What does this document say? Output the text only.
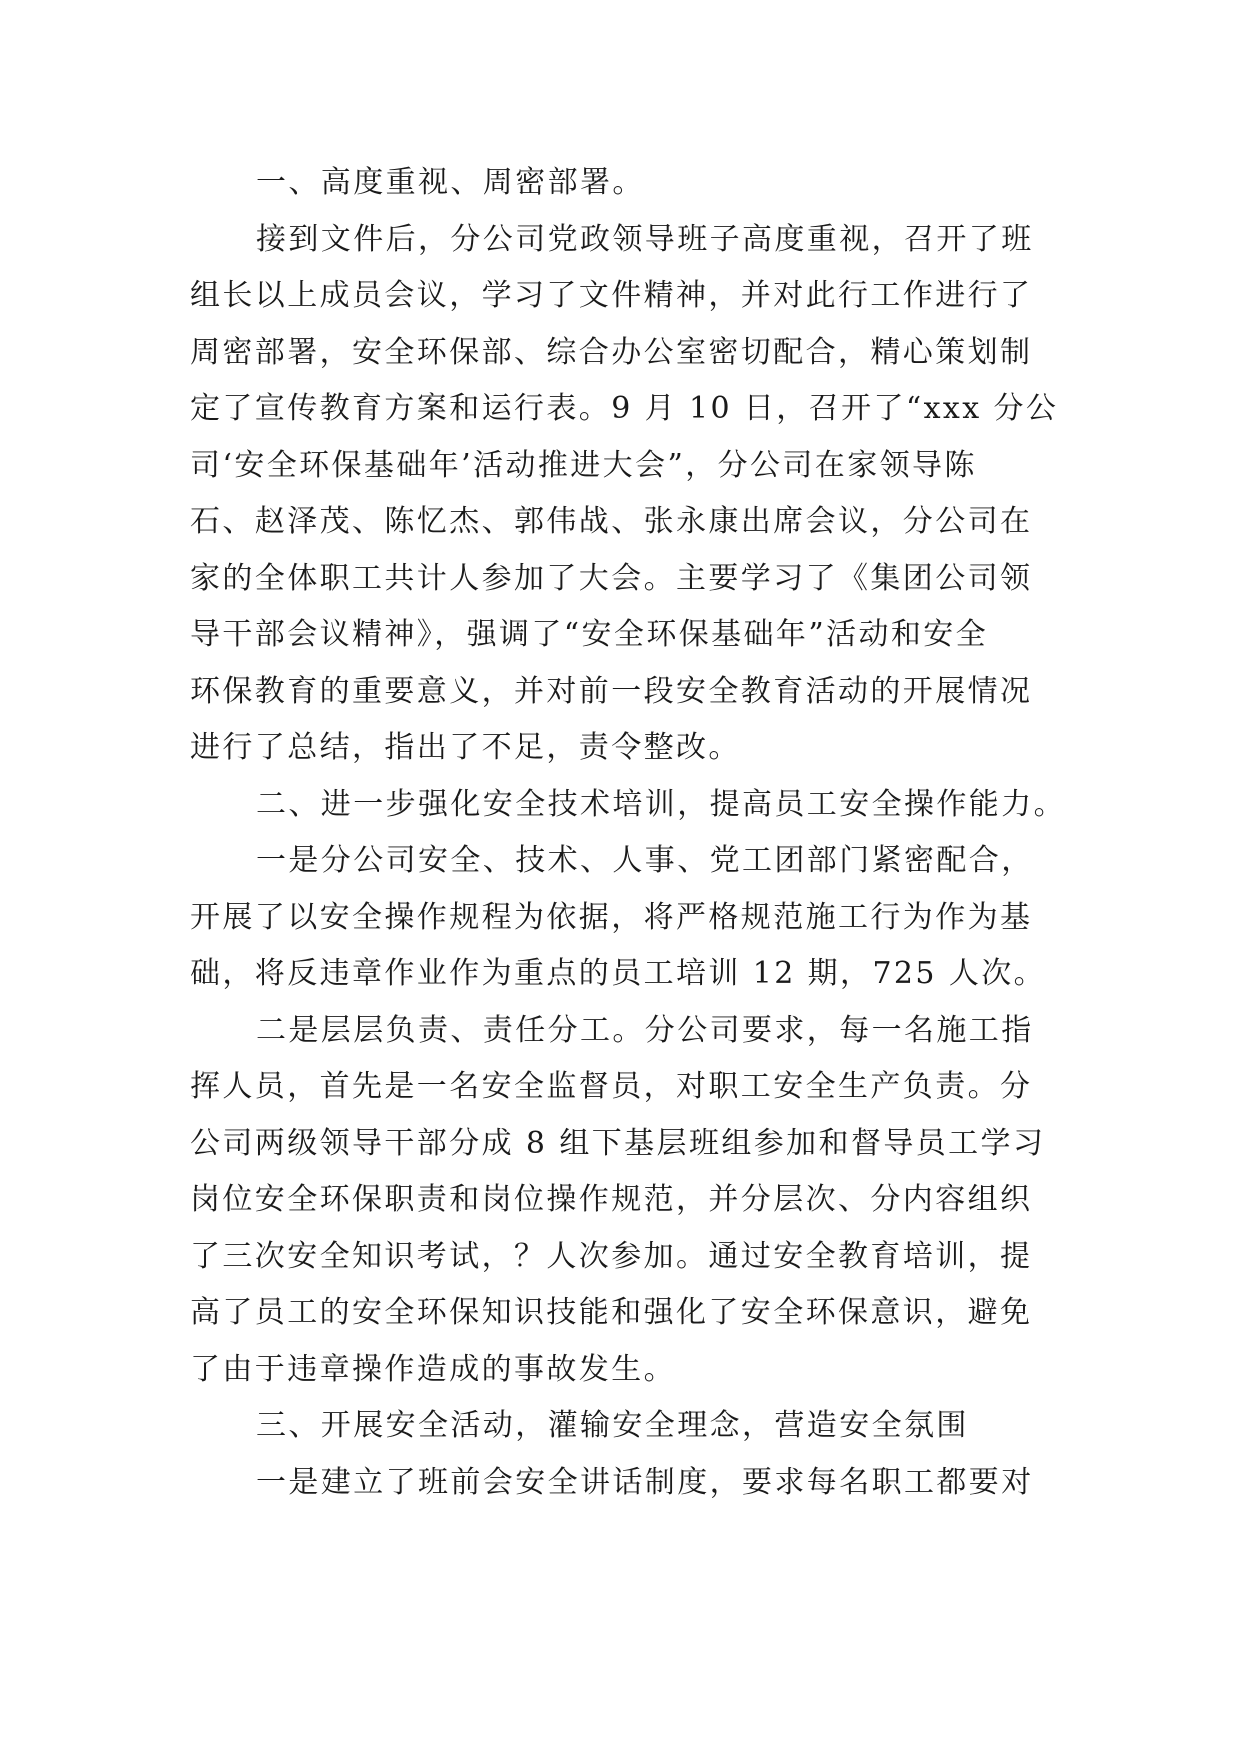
一、高度重视、周密部署。
接到文件后，分公司党政领导班子高度重视，召开了班
组长以上成员会议，学习了文件精神，并对此行工作进行了
周密部署，安全环保部、综合办公室密切配合，精心策划制
定了宣传教育方案和运行表。9 月 10 日，召开了“xxx 分公
司‘安全环保基础年’活动推进大会”，分公司在家领导陈
石、赵泽茂、陈忆杰、郭伟战、张永康出席会议，分公司在
家的全体职工共计人参加了大会。主要学习了《集团公司领
导干部会议精神》，强调了“安全环保基础年”活动和安全
环保教育的重要意义，并对前一段安全教育活动的开展情况
进行了总结，指出了不足，责令整改。
二、进一步强化安全技术培训，提高员工安全操作能力。
一是分公司安全、技术、人事、党工团部门紧密配合，
开展了以安全操作规程为依据，将严格规范施工行为作为基
础，将反违章作业作为重点的员工培训 12 期，725 人次。
二是层层负责、责任分工。分公司要求，每一名施工指
挥人员，首先是一名安全监督员，对职工安全生产负责。分
公司两级领导干部分成 8 组下基层班组参加和督导员工学习
岗位安全环保职责和岗位操作规范，并分层次、分内容组织
了三次安全知识考试，？人次参加。通过安全教育培训，提
高了员工的安全环保知识技能和强化了安全环保意识，避免
了由于违章操作造成的事故发生。
三、开展安全活动，灌输安全理念，营造安全氛围
一是建立了班前会安全讲话制度，要求每名职工都要对
